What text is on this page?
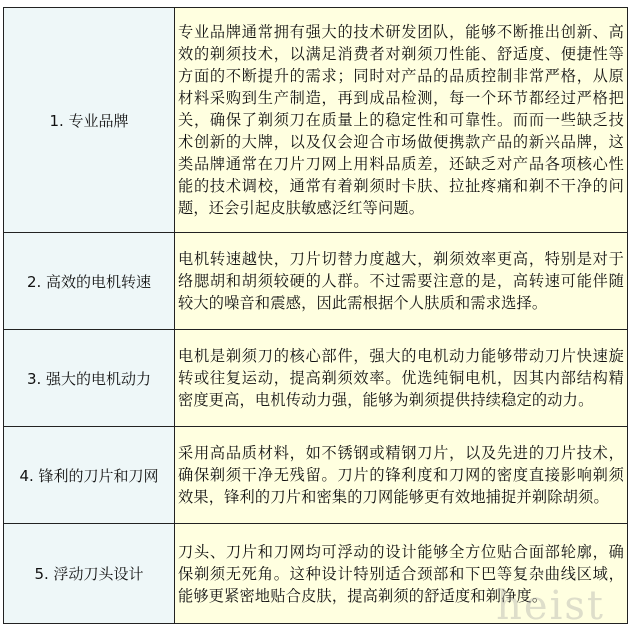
1. 专业品牌	专业品牌通常拥有强大的技术研发团队，能够不断推出创新、高效的剃须技术，以满足消费者对剃须刀性能、舒适度、便捷性等方面的不断提升的需求；同时对产品的品质控制非常严格，从原材料采购到生产制造，再到成品检测，每一个环节都经过严格把关，确保了剃须刀在质量上的稳定性和可靠性。而而一些缺乏技术创新的大牌，以及仅会迎合市场做便携款产品的新兴品牌，这类品牌通常在刀片刀网上用料品质差，还缺乏对产品各项核心性能的技术调校，通常有着剃须时卡肤、拉扯疼痛和剃不干净的问题，还会引起皮肤敏感泛红等问题。
2. 高效的电机转速	电机转速越快，刀片切替力度越大，剃须效率更高，特别是对于络腮胡和胡须较硬的人群。不过需要注意的是，高转速可能伴随较大的噪音和震感，因此需根据个人肤质和需求选择。
3. 强大的电机动力	电机是剃须刀的核心部件，强大的电机动力能够带动刀片快速旋转或往复运动，提高剃须效率。优选纯铜电机，因其内部结构精密度更高，电机传动力强，能够为剃须提供持续稳定的动力。
4. 锋利的刀片和刀网	采用高品质材料，如不锈钢或精钢刀片，以及先进的刀片技术，确保剃须干净无残留。刀片的锋利度和刀网的密度直接影响剃须效果，锋利的刀片和密集的刀网能够更有效地捕捉并剃除胡须。
5. 浮动刀头设计	刀头、刀片和刀网均可浮动的设计能够全方位贴合面部轮廓，确保剃须无死角。这种设计特别适合颈部和下巴等复杂曲线区域，能够更紧密地贴合皮肤，提高剃须的舒适度和剃净度。
heist
